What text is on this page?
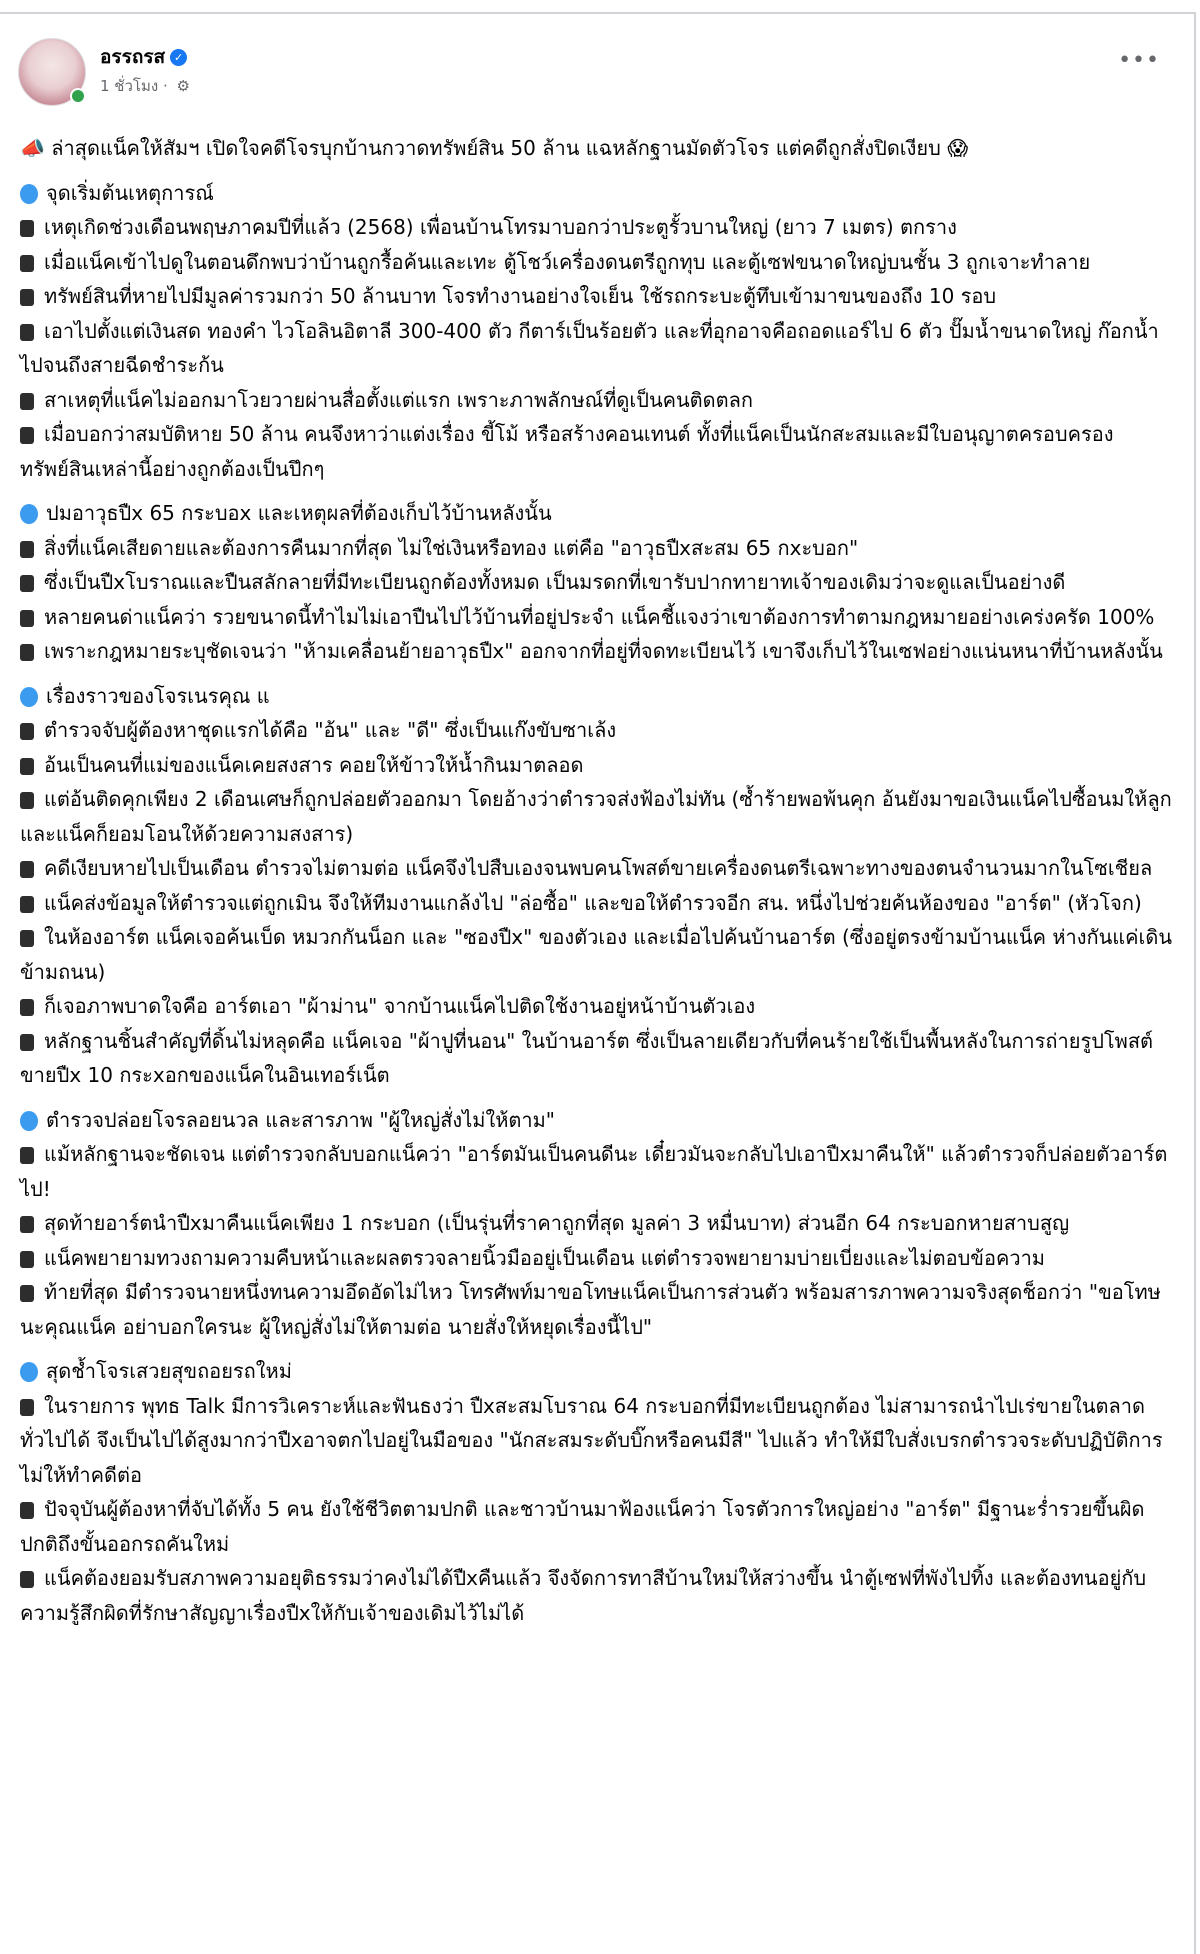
อรรถรส ✓
1 ชั่วโมง · ⚙
•••

📣 ล่าสุดแน็คให้สัมฯ เปิดใจคดีโจรบุกบ้านกวาดทรัพย์สิน 50 ล้าน แฉหลักฐานมัดตัวโจร แต่คดีถูกสั่งปิดเงียบ 😱

จุดเริ่มต้นเหตุการณ์

เหตุเกิดช่วงเดือนพฤษภาคมปีที่แล้ว (2568) เพื่อนบ้านโทรมาบอกว่าประตูรั้วบานใหญ่ (ยาว 7 เมตร) ตกราง

เมื่อแน็คเข้าไปดูในตอนดึกพบว่าบ้านถูกรื้อค้นและเทะ ตู้โชว์เครื่องดนตรีถูกทุบ และตู้เซฟขนาดใหญ่บนชั้น 3 ถูกเจาะทำลาย

ทรัพย์สินที่หายไปมีมูลค่ารวมกว่า 50 ล้านบาท โจรทำงานอย่างใจเย็น ใช้รถกระบะตู้ทึบเข้ามาขนของถึง 10 รอบ

เอาไปตั้งแต่เงินสด ทองคำ ไวโอลินอิตาลี 300-400 ตัว กีตาร์เป็นร้อยตัว และที่อุกอาจคือถอดแอร์ไป 6 ตัว ปั๊มน้ำขนาดใหญ่ ก๊อกน้ำ ไปจนถึงสายฉีดชำระก้น

สาเหตุที่แน็คไม่ออกมาโวยวายผ่านสื่อตั้งแต่แรก เพราะภาพลักษณ์ที่ดูเป็นคนติดตลก

เมื่อบอกว่าสมบัติหาย 50 ล้าน คนจึงหาว่าแต่งเรื่อง ขี้โม้ หรือสร้างคอนเทนต์ ทั้งที่แน็คเป็นนักสะสมและมีใบอนุญาตครอบครองทรัพย์สินเหล่านี้อย่างถูกต้องเป็นปึกๆ

ปมอาวุธปืx 65 กระบอx และเหตุผลที่ต้องเก็บไว้บ้านหลังนั้น

สิ่งที่แน็คเสียดายและต้องการคืนมากที่สุด ไม่ใช่เงินหรือทอง แต่คือ "อาวุธปืxสะสม 65 กxะบอก"

ซึ่งเป็นปืxโบราณและปืนสลักลายที่มีทะเบียนถูกต้องทั้งหมด เป็นมรดกที่เขารับปากทายาทเจ้าของเดิมว่าจะดูแลเป็นอย่างดี

หลายคนด่าแน็คว่า รวยขนาดนี้ทำไมไม่เอาปืนไปไว้บ้านที่อยู่ประจำ แน็คชี้แจงว่าเขาต้องการทำตามกฎหมายอย่างเคร่งครัด 100%

เพราะกฎหมายระบุชัดเจนว่า "ห้ามเคลื่อนย้ายอาวุธปืx" ออกจากที่อยู่ที่จดทะเบียนไว้ เขาจึงเก็บไว้ในเซฟอย่างแน่นหนาที่บ้านหลังนั้น

เรื่องราวของโจรเนรคุณ แ

ตำรวจจับผู้ต้องหาชุดแรกได้คือ "อ้น" และ "ดี" ซึ่งเป็นแก๊งขับซาเล้ง

อ้นเป็นคนที่แม่ของแน็คเคยสงสาร คอยให้ข้าวให้น้ำกินมาตลอด

แต่อ้นติดคุกเพียง 2 เดือนเศษก็ถูกปล่อยตัวออกมา โดยอ้างว่าตำรวจส่งฟ้องไม่ทัน (ซ้ำร้ายพอพ้นคุก อ้นยังมาขอเงินแน็คไปซื้อนมให้ลูก และแน็คก็ยอมโอนให้ด้วยความสงสาร)

คดีเงียบหายไปเป็นเดือน ตำรวจไม่ตามต่อ แน็คจึงไปสืบเองจนพบคนโพสต์ขายเครื่องดนตรีเฉพาะทางของตนจำนวนมากในโซเชียล

แน็คส่งข้อมูลให้ตำรวจแต่ถูกเมิน จึงให้ทีมงานแกล้งไป "ล่อซื้อ" และขอให้ตำรวจอีก สน. หนึ่งไปช่วยค้นห้องของ "อาร์ต" (หัวโจก)

ในห้องอาร์ต แน็คเจอค้นเบ็ด หมวกกันน็อก และ "ซองปืx" ของตัวเอง และเมื่อไปค้นบ้านอาร์ต (ซึ่งอยู่ตรงข้ามบ้านแน็ค ห่างกันแค่เดินข้ามถนน)

ก็เจอภาพบาดใจคือ อาร์ตเอา "ผ้าม่าน" จากบ้านแน็คไปติดใช้งานอยู่หน้าบ้านตัวเอง

หลักฐานชิ้นสำคัญที่ดิ้นไม่หลุดคือ แน็คเจอ "ผ้าปูที่นอน" ในบ้านอาร์ต ซึ่งเป็นลายเดียวกับที่คนร้ายใช้เป็นพื้นหลังในการถ่ายรูปโพสต์ขายปืx 10 กระxอกของแน็คในอินเทอร์เน็ต

ตำรวจปล่อยโจรลอยนวล และสารภาพ "ผู้ใหญ่สั่งไม่ให้ตาม"

แม้หลักฐานจะชัดเจน แต่ตำรวจกลับบอกแน็คว่า "อาร์ตมันเป็นคนดีนะ เดี๋ยวมันจะกลับไปเอาปืxมาคืนให้" แล้วตำรวจก็ปล่อยตัวอาร์ตไป!

สุดท้ายอาร์ตนำปืxมาคืนแน็คเพียง 1 กระบอก (เป็นรุ่นที่ราคาถูกที่สุด มูลค่า 3 หมื่นบาท) ส่วนอีก 64 กระบอกหายสาบสูญ

แน็คพยายามทวงถามความคืบหน้าและผลตรวจลายนิ้วมืออยู่เป็นเดือน แต่ตำรวจพยายามบ่ายเบี่ยงและไม่ตอบข้อความ

ท้ายที่สุด มีตำรวจนายหนึ่งทนความอึดอัดไม่ไหว โทรศัพท์มาขอโทษแน็คเป็นการส่วนตัว พร้อมสารภาพความจริงสุดช็อกว่า "ขอโทษนะคุณแน็ค อย่าบอกใครนะ ผู้ใหญ่สั่งไม่ให้ตามต่อ นายสั่งให้หยุดเรื่องนี้ไป"

สุดช้ำโจรเสวยสุขถอยรถใหม่

ในรายการ พุทธ Talk มีการวิเคราะห์และฟันธงว่า ปืxสะสมโบราณ 64 กระบอกที่มีทะเบียนถูกต้อง ไม่สามารถนำไปเร่ขายในตลาดทั่วไปได้ จึงเป็นไปได้สูงมากว่าปืxอาจตกไปอยู่ในมือของ "นักสะสมระดับบิ๊กหรือคนมีสี" ไปแล้ว ทำให้มีใบสั่งเบรกตำรวจระดับปฏิบัติการไม่ให้ทำคดีต่อ

ปัจจุบันผู้ต้องหาที่จับได้ทั้ง 5 คน ยังใช้ชีวิตตามปกติ และชาวบ้านมาฟ้องแน็คว่า โจรตัวการใหญ่อย่าง "อาร์ต" มีฐานะร่ำรวยขึ้นผิดปกติถึงขั้นออกรถคันใหม่

แน็คต้องยอมรับสภาพความอยุติธรรมว่าคงไม่ได้ปืxคืนแล้ว จึงจัดการทาสีบ้านใหม่ให้สว่างขึ้น นำตู้เซฟที่พังไปทิ้ง และต้องทนอยู่กับความรู้สึกผิดที่รักษาสัญญาเรื่องปืxให้กับเจ้าของเดิมไว้ไม่ได้
